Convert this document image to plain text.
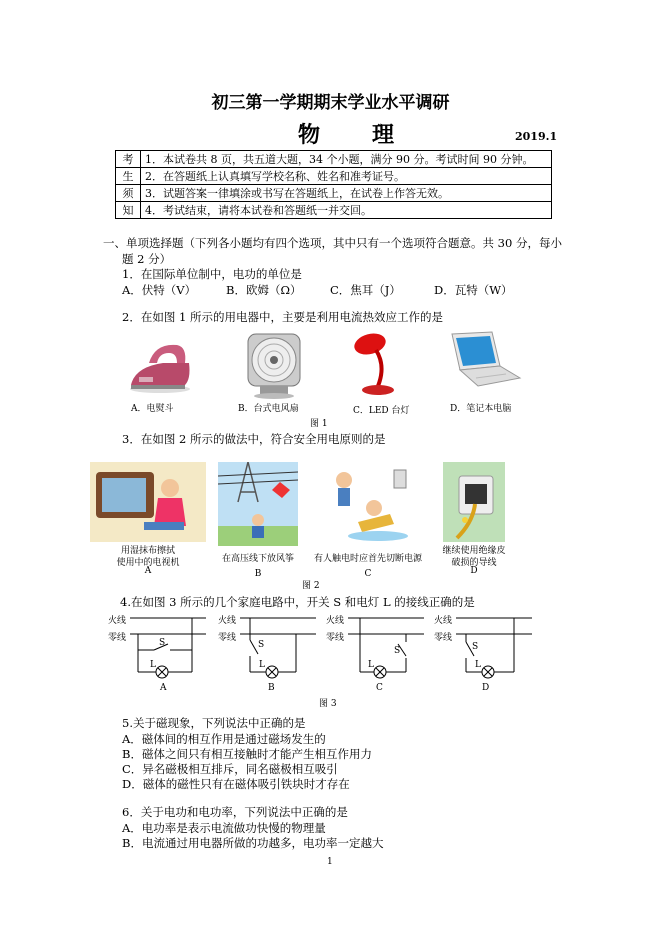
初三第一学期期末学业水平调研
物理	2019.1
考	1．本试卷共 8 页，共五道大题，34 个小题，满分 90 分。考试时间 90 分钟。
生	2．在答题纸上认真填写学校名称、姓名和准考证号。
须	3．试题答案一律填涂或书写在答题纸上，在试卷上作答无效。
知	4．考试结束，请将本试卷和答题纸一并交回。
一、单项选择题（下列各小题均有四个选项，其中只有一个选项符合题意。共 30 分，每小
题 2 分）
1．在国际单位制中，电功的单位是
A．伏特（V）	B．欧姆（Ω） C．焦耳（J）	D．瓦特（W）
2．在如图 1 所示的用电器中，主要是利用电流热效应工作的是
A．电熨斗	B．台式电风扇	C．LED 台灯	D．笔记本电脑
图 1
3．在如图 2 所示的做法中，符合安全用电原则的是
用湿抹布擦拭
使用中的电视机
A
在高压线下放风筝
B
有人触电时应首先切断电源
C
继续使用绝缘皮
破损的导线
D
图 2
4.在如图 3 所示的几个家庭电路中，开关 S 和电灯 L 的接线正确的是
火线
零线	S
L
A
火线
零线
S
L
B
火线
零线
S
L
C
火线
零线
S
L
D
图 3
5.关于磁现象，下列说法中正确的是
A．磁体间的相互作用是通过磁场发生的
B．磁体之间只有相互接触时才能产生相互作用力
C．异名磁极相互排斥，同名磁极相互吸引
D．磁体的磁性只有在磁体吸引铁块时才存在
6．关于电功和电功率，下列说法中正确的是
A．电功率是表示电流做功快慢的物理量
B．电流通过用电器所做的功越多，电功率一定越大
1
